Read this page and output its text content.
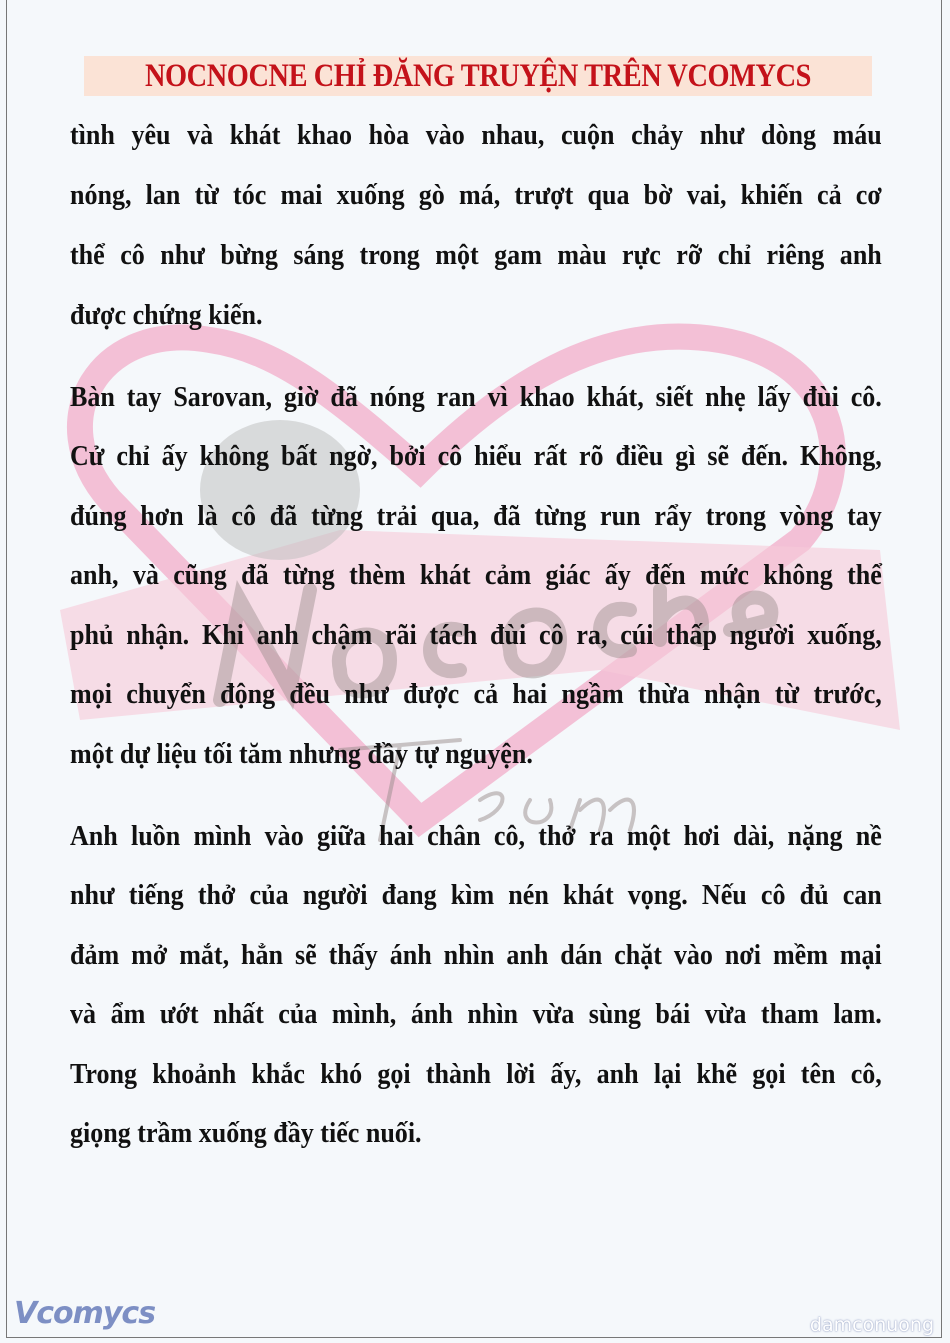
NOCNOCNE CHỈ ĐĂNG TRUYỆN TRÊN VCOMYCS
tình yêu và khát khao hòa vào nhau, cuộn chảy như dòng máu
nóng, lan từ tóc mai xuống gò má, trượt qua bờ vai, khiến cả cơ
thể cô như bừng sáng trong một gam màu rực rỡ chỉ riêng anh
được chứng kiến.
Bàn tay Sarovan, giờ đã nóng ran vì khao khát, siết nhẹ lấy đùi cô.
Cử chỉ ấy không bất ngờ, bởi cô hiểu rất rõ điều gì sẽ đến. Không,
đúng hơn là cô đã từng trải qua, đã từng run rẩy trong vòng tay
anh, và cũng đã từng thèm khát cảm giác ấy đến mức không thể
phủ nhận. Khi anh chậm rãi tách đùi cô ra, cúi thấp người xuống,
mọi chuyển động đều như được cả hai ngầm thừa nhận từ trước,
một dự liệu tối tăm nhưng đầy tự nguyện.
Anh luồn mình vào giữa hai chân cô, thở ra một hơi dài, nặng nề
như tiếng thở của người đang kìm nén khát vọng. Nếu cô đủ can
đảm mở mắt, hẳn sẽ thấy ánh nhìn anh dán chặt vào nơi mềm mại
và ẩm ướt nhất của mình, ánh nhìn vừa sùng bái vừa tham lam.
Trong khoảnh khắc khó gọi thành lời ấy, anh lại khẽ gọi tên cô,
giọng trầm xuống đầy tiếc nuối.
Vcomycs	damconuong
